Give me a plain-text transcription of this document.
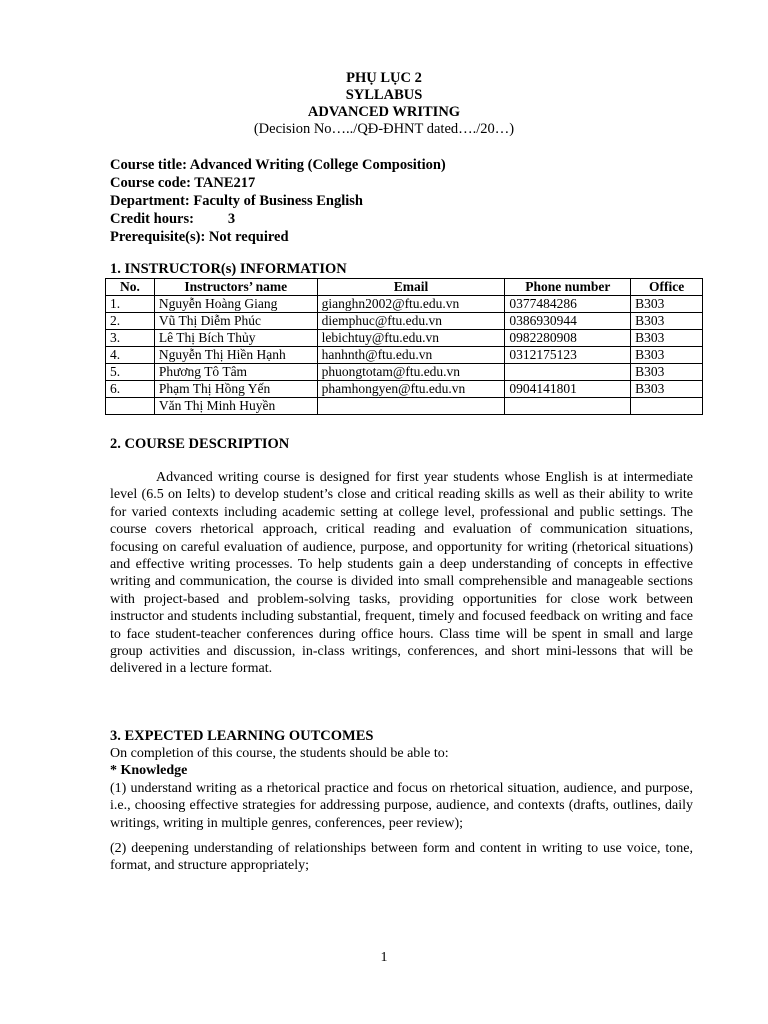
PHỤ LỤC 2
SYLLABUS
ADVANCED WRITING
(Decision No…../QĐ-ĐHNT dated…./20…)
Course title: Advanced Writing (College Composition)
Course code: TANE217
Department: Faculty of Business English
Credit hours: 3
Prerequisite(s): Not required
1. INSTRUCTOR(s) INFORMATION
No.	Instructors’ name	Email	Phone number	Office
1.	Nguyễn Hoàng Giang	gianghn2002@ftu.edu.vn	0377484286	B303
2.	Vũ Thị Diễm Phúc	diemphuc@ftu.edu.vn	0386930944	B303
3.	Lê Thị Bích Thủy	lebichtuy@ftu.edu.vn	0982280908	B303
4.	Nguyễn Thị Hiền Hạnh	hanhnth@ftu.edu.vn	0312175123	B303
5.	Phương Tô Tâm	phuongtotam@ftu.edu.vn		B303
6.	Phạm Thị Hồng Yến	phamhongyen@ftu.edu.vn	0904141801	B303
	Văn Thị Minh Huyền			
2. COURSE DESCRIPTION
Advanced writing course is designed for first year students whose English is at intermediate level (6.5 on Ielts) to develop student’s close and critical reading skills as well as their ability to write for varied contexts including academic setting at college level, professional and public settings. The course covers rhetorical approach, critical reading and evaluation of communication situations, focusing on careful evaluation of audience, purpose, and opportunity for writing (rhetorical situations) and effective writing processes. To help students gain a deep understanding of concepts in effective writing and communication, the course is divided into small comprehensible and manageable sections with project-based and problem-solving tasks, providing opportunities for close work between instructor and students including substantial, frequent, timely and focused feedback on writing and face to face student-teacher conferences during office hours. Class time will be spent in small and large group activities and discussion, in-class writings, conferences, and short mini-lessons that will be delivered in a lecture format.
3. EXPECTED LEARNING OUTCOMES
On completion of this course, the students should be able to:
* Knowledge
(1) understand writing as a rhetorical practice and focus on rhetorical situation, audience, and purpose, i.e., choosing effective strategies for addressing purpose, audience, and contexts (drafts, outlines, daily writings, writing in multiple genres, conferences, peer review);
(2) deepening understanding of relationships between form and content in writing to use voice, tone, format, and structure appropriately;
1
